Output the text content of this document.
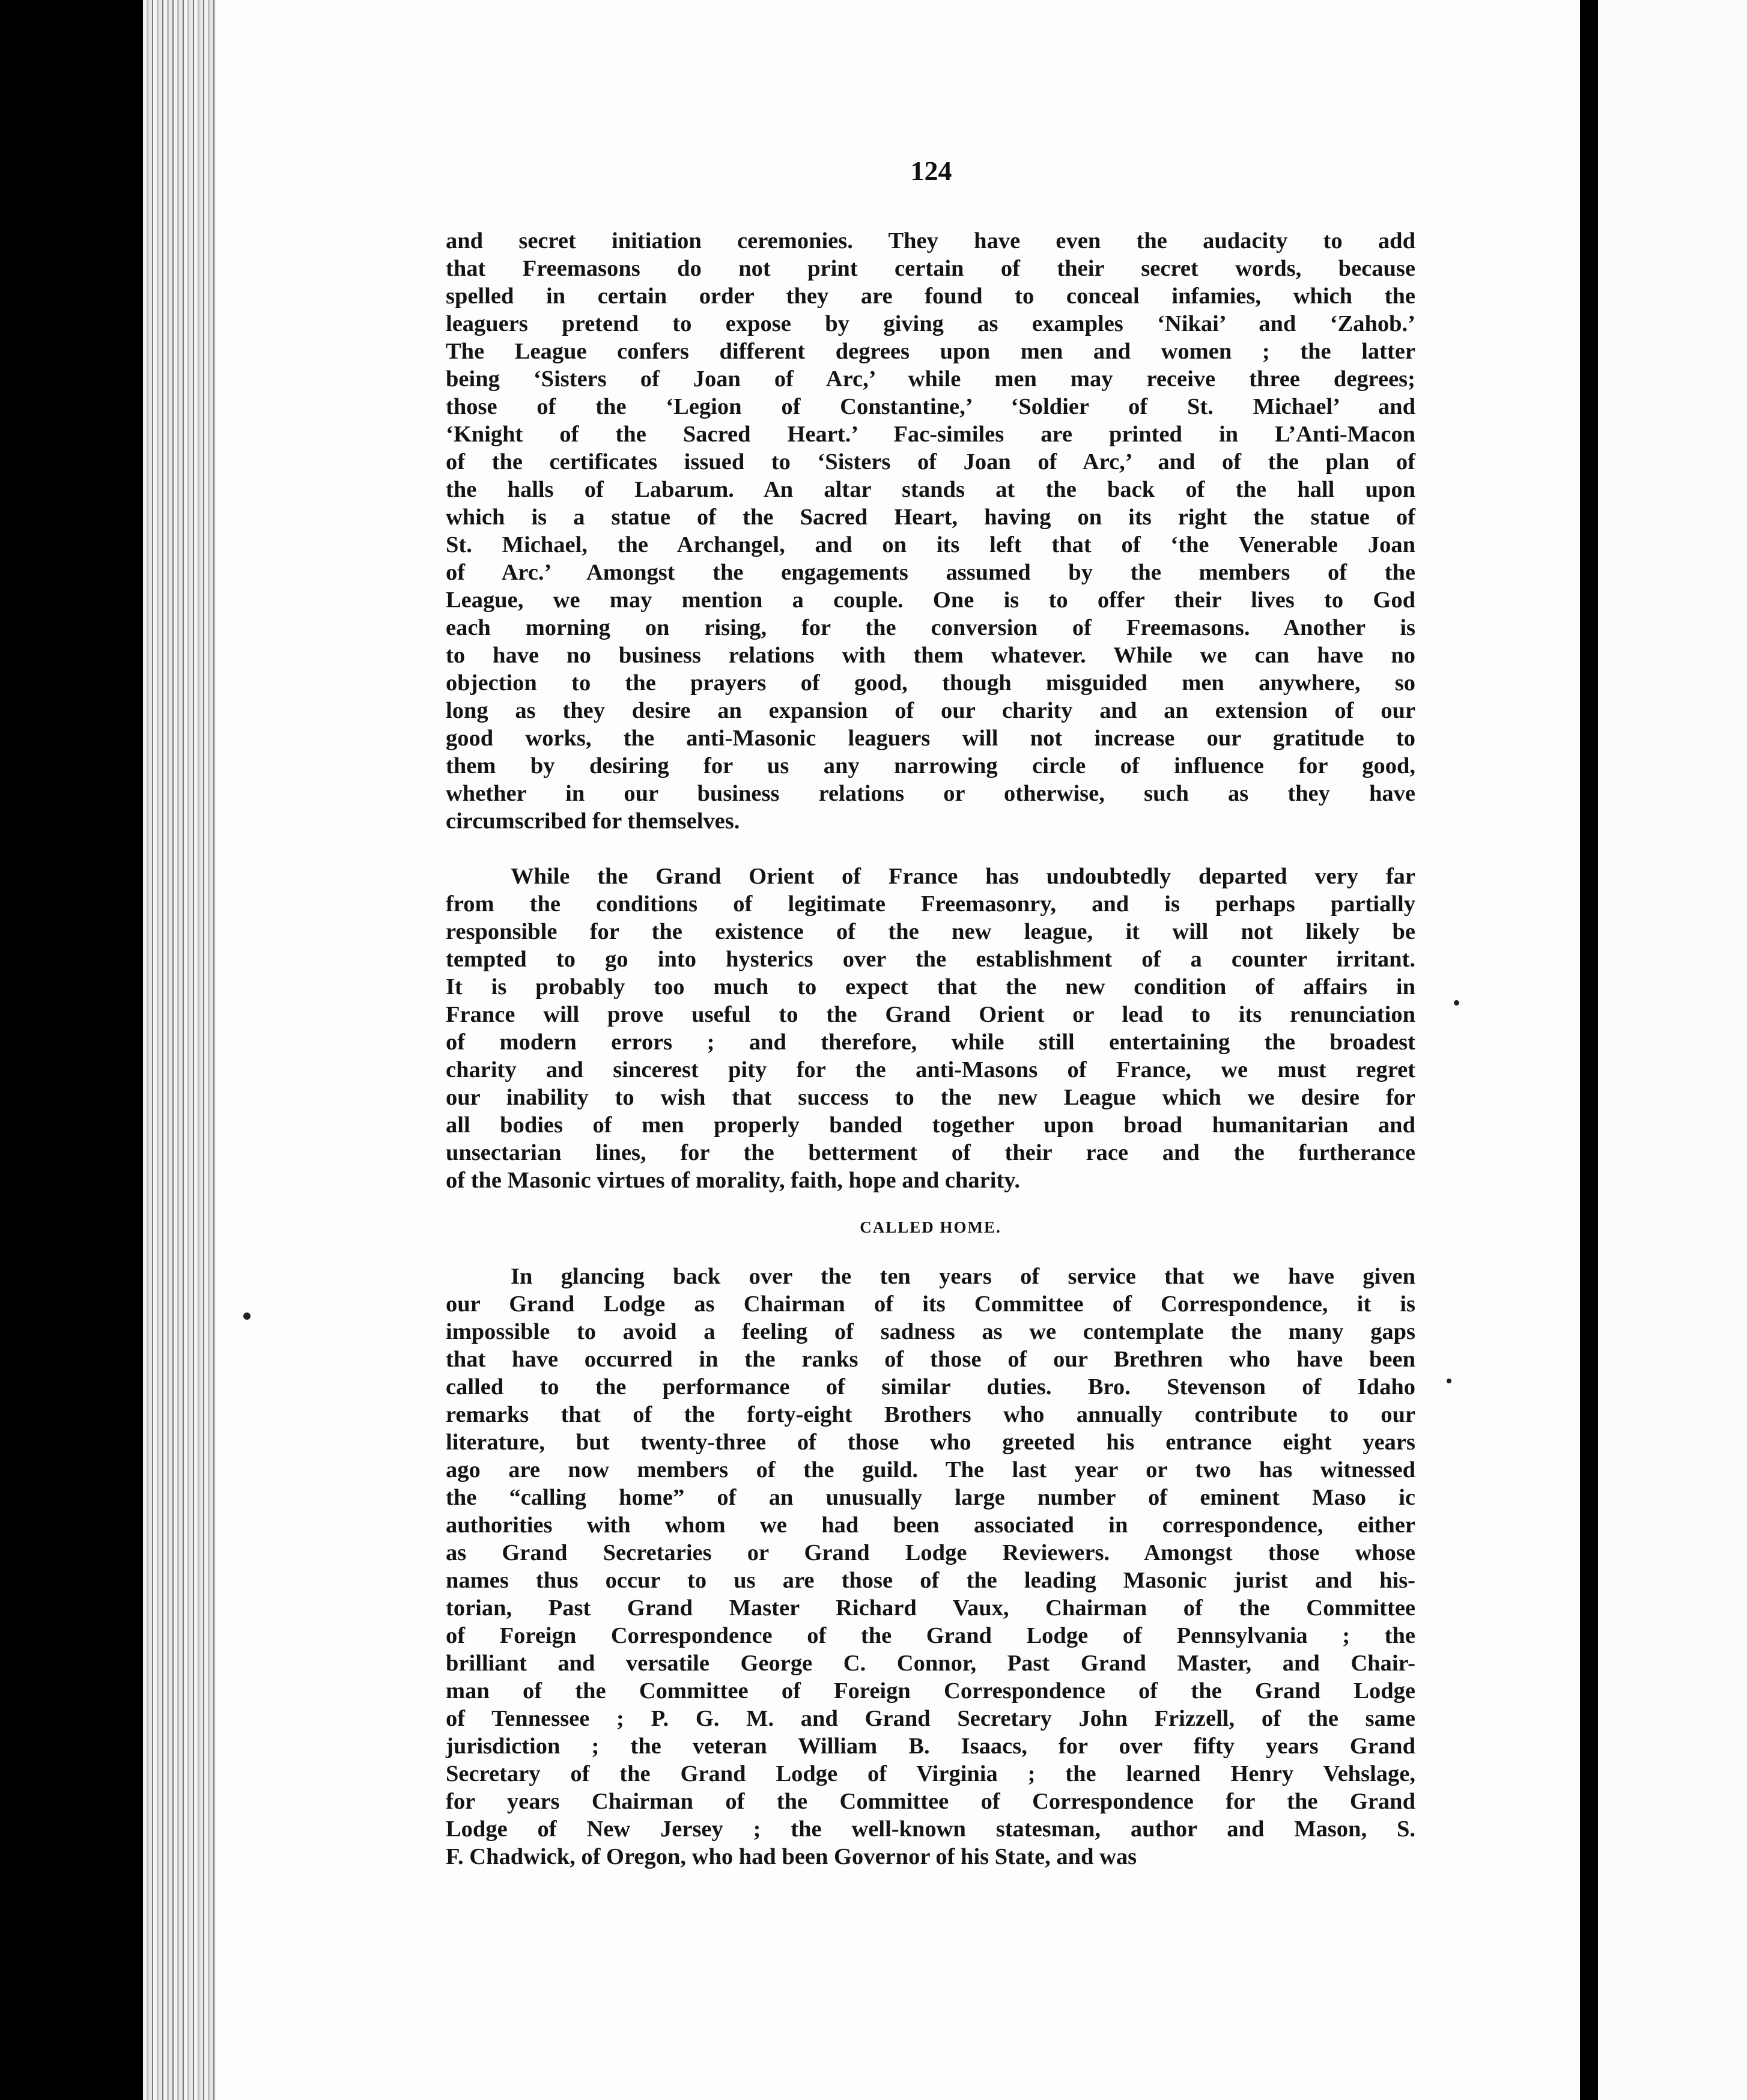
124
and secret initiation ceremonies. They have even the audacity to add
that Freemasons do not print certain of their secret words, because
spelled in certain order they are found to conceal infamies, which the
leaguers pretend to expose by giving as examples ‘Nikai’ and ‘Zahob.’
The League confers different degrees upon men and women ; the latter
being ‘Sisters of Joan of Arc,’ while men may receive three degrees;
those of the ‘Legion of Constantine,’ ‘Soldier of St. Michael’ and
‘Knight of the Sacred Heart.’ Fac-similes are printed in L’Anti-Macon
of the certificates issued to ‘Sisters of Joan of Arc,’ and of the plan of
the halls of Labarum. An altar stands at the back of the hall upon
which is a statue of the Sacred Heart, having on its right the statue of
St. Michael, the Archangel, and on its left that of ‘the Venerable Joan
of Arc.’ Amongst the engagements assumed by the members of the
League, we may mention a couple. One is to offer their lives to God
each morning on rising, for the conversion of Freemasons. Another is
to have no business relations with them whatever. While we can have no
objection to the prayers of good, though misguided men anywhere, so
long as they desire an expansion of our charity and an extension of our
good works, the anti-Masonic leaguers will not increase our gratitude to
them by desiring for us any narrowing circle of influence for good,
whether in our business relations or otherwise, such as they have
circumscribed for themselves.
While the Grand Orient of France has undoubtedly departed very far
from the conditions of legitimate Freemasonry, and is perhaps partially
responsible for the existence of the new league, it will not likely be
tempted to go into hysterics over the establishment of a counter irritant.
It is probably too much to expect that the new condition of affairs in
France will prove useful to the Grand Orient or lead to its renunciation
of modern errors ; and therefore, while still entertaining the broadest
charity and sincerest pity for the anti-Masons of France, we must regret
our inability to wish that success to the new League which we desire for
all bodies of men properly banded together upon broad humanitarian and
unsectarian lines, for the betterment of their race and the furtherance
of the Masonic virtues of morality, faith, hope and charity.
CALLED HOME.
In glancing back over the ten years of service that we have given
our Grand Lodge as Chairman of its Committee of Correspondence, it is
impossible to avoid a feeling of sadness as we contemplate the many gaps
that have occurred in the ranks of those of our Brethren who have been
called to the performance of similar duties. Bro. Stevenson of Idaho
remarks that of the forty-eight Brothers who annually contribute to our
literature, but twenty-three of those who greeted his entrance eight years
ago are now members of the guild. The last year or two has witnessed
the “calling home” of an unusually large number of eminent Maso ic
authorities with whom we had been associated in correspondence, either
as Grand Secretaries or Grand Lodge Reviewers. Amongst those whose
names thus occur to us are those of the leading Masonic jurist and his-
torian, Past Grand Master Richard Vaux, Chairman of the Committee
of Foreign Correspondence of the Grand Lodge of Pennsylvania ; the
brilliant and versatile George C. Connor, Past Grand Master, and Chair-
man of the Committee of Foreign Correspondence of the Grand Lodge
of Tennessee ; P. G. M. and Grand Secretary John Frizzell, of the same
jurisdiction ; the veteran William B. Isaacs, for over fifty years Grand
Secretary of the Grand Lodge of Virginia ; the learned Henry Vehslage,
for years Chairman of the Committee of Correspondence for the Grand
Lodge of New Jersey ; the well-known statesman, author and Mason, S.
F. Chadwick, of Oregon, who had been Governor of his State, and was
